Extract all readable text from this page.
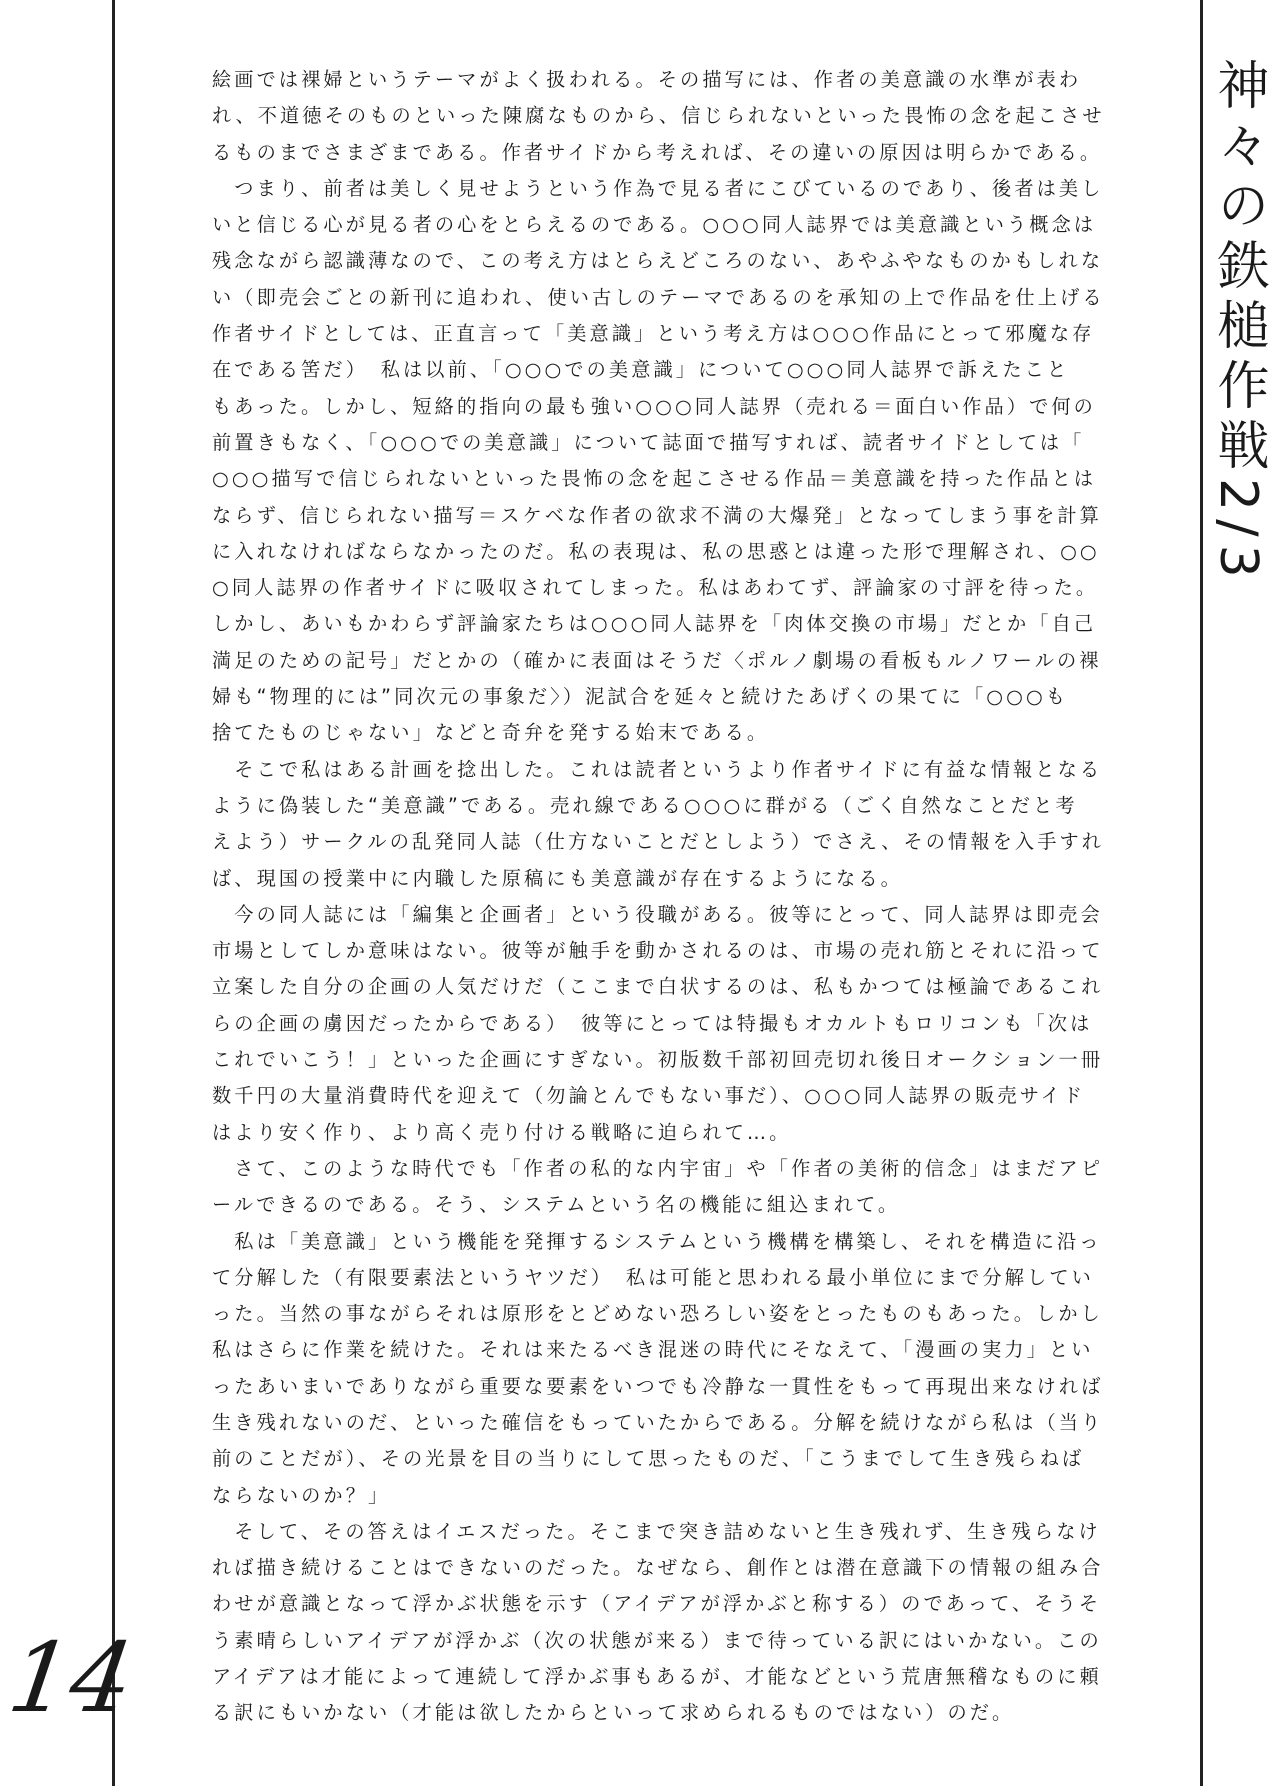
神々の鉄槌作戦2/3
14
絵画では裸婦というテーマがよく扱われる。その描写には、作者の美意識の水準が表わ
れ、不道徳そのものといった陳腐なものから、信じられないといった畏怖の念を起こさせ
るものまでさまざまである。作者サイドから考えれば、その違いの原因は明らかである。
　つまり、前者は美しく見せようという作為で見る者にこびているのであり、後者は美し
いと信じる心が見る者の心をとらえるのである。○○○同人誌界では美意識という概念は
残念ながら認識薄なので、この考え方はとらえどころのない、あやふやなものかもしれな
い（即売会ごとの新刊に追われ、使い古しのテーマであるのを承知の上で作品を仕上げる
作者サイドとしては、正直言って「美意識」という考え方は○○○作品にとって邪魔な存
在である筈だ）　私は以前、「○○○での美意識」について○○○同人誌界で訴えたこと
もあった。しかし、短絡的指向の最も強い○○○同人誌界（売れる＝面白い作品）で何の
前置きもなく、「○○○での美意識」について誌面で描写すれば、読者サイドとしては「
○○○描写で信じられないといった畏怖の念を起こさせる作品＝美意識を持った作品とは
ならず、信じられない描写＝スケベな作者の欲求不満の大爆発」となってしまう事を計算
に入れなければならなかったのだ。私の表現は、私の思惑とは違った形で理解され、○○
○同人誌界の作者サイドに吸収されてしまった。私はあわてず、評論家の寸評を待った。
しかし、あいもかわらず評論家たちは○○○同人誌界を「肉体交換の市場」だとか「自己
満足のための記号」だとかの（確かに表面はそうだ〈ポルノ劇場の看板もルノワールの裸
婦も“物理的には”同次元の事象だ〉）泥試合を延々と続けたあげくの果てに「○○○も
捨てたものじゃない」などと奇弁を発する始末である。
　そこで私はある計画を捻出した。これは読者というより作者サイドに有益な情報となる
ように偽装した“美意識”である。売れ線である○○○に群がる（ごく自然なことだと考
えよう）サークルの乱発同人誌（仕方ないことだとしよう）でさえ、その情報を入手すれ
ば、現国の授業中に内職した原稿にも美意識が存在するようになる。
　今の同人誌には「編集と企画者」という役職がある。彼等にとって、同人誌界は即売会
市場としてしか意味はない。彼等が触手を動かされるのは、市場の売れ筋とそれに沿って
立案した自分の企画の人気だけだ（ここまで白状するのは、私もかつては極論であるこれ
らの企画の虜因だったからである）　彼等にとっては特撮もオカルトもロリコンも「次は
これでいこう！」といった企画にすぎない。初版数千部初回売切れ後日オークション一冊
数千円の大量消費時代を迎えて（勿論とんでもない事だ）、○○○同人誌界の販売サイド
はより安く作り、より高く売り付ける戦略に迫られて…。
　さて、このような時代でも「作者の私的な内宇宙」や「作者の美術的信念」はまだアピ
ールできるのである。そう、システムという名の機能に組込まれて。
　私は「美意識」という機能を発揮するシステムという機構を構築し、それを構造に沿っ
て分解した（有限要素法というヤツだ）　私は可能と思われる最小単位にまで分解してい
った。当然の事ながらそれは原形をとどめない恐ろしい姿をとったものもあった。しかし
私はさらに作業を続けた。それは来たるべき混迷の時代にそなえて、「漫画の実力」とい
ったあいまいでありながら重要な要素をいつでも冷静な一貫性をもって再現出来なければ
生き残れないのだ、といった確信をもっていたからである。分解を続けながら私は（当り
前のことだが）、その光景を目の当りにして思ったものだ、「こうまでして生き残らねば
ならないのか？」
　そして、その答えはイエスだった。そこまで突き詰めないと生き残れず、生き残らなけ
れば描き続けることはできないのだった。なぜなら、創作とは潜在意識下の情報の組み合
わせが意識となって浮かぶ状態を示す（アイデアが浮かぶと称する）のであって、そうそ
う素晴らしいアイデアが浮かぶ（次の状態が来る）まで待っている訳にはいかない。この
アイデアは才能によって連続して浮かぶ事もあるが、才能などという荒唐無稽なものに頼
る訳にもいかない（才能は欲したからといって求められるものではない）のだ。
